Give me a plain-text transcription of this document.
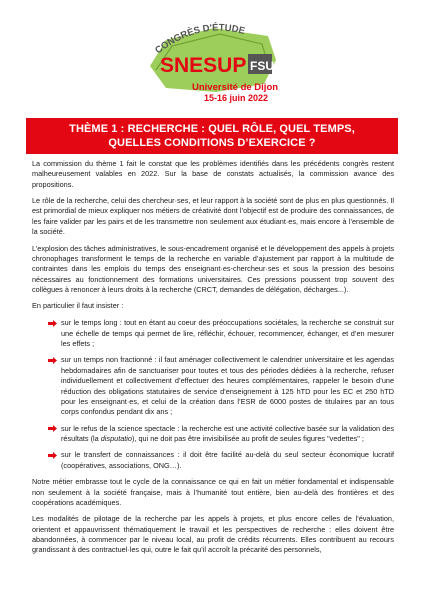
CONGRÈS D'ÉTUDE
SNESUP FSU
Université de Dijon
15-16 juin 2022
THÈME 1 : RECHERCHE : QUEL RÔLE, QUEL TEMPS,
QUELLES CONDITIONS D’EXERCICE ?

La commission du thème 1 fait le constat que les problèmes identifiés dans les précédents congrès restent malheureusement valables en 2022. Sur la base de constats actualisés, la commission avance des propositions.

Le rôle de la recherche, celui des chercheur·ses, et leur rapport à la société sont de plus en plus questionnés. Il est primordial de mieux expliquer nos métiers de créativité dont l’objectif est de produire des connaissances, de les faire valider par les pairs et de les transmettre non seulement aux étudiant·es, mais encore à l’ensemble de la société.

L’explosion des tâches administratives, le sous-encadrement organisé et le développement des appels à projets chronophages transforment le temps de la recherche en variable d’ajustement par rapport à la multitude de contraintes dans les emplois du temps des enseignant·es-chercheur·ses et sous la pression des besoins nécessaires au fonctionnement des formations universitaires. Ces pressions poussent trop souvent des collègues à renoncer à leurs droits à la recherche (CRCT, demandes de délégation, décharges...).

En particulier il faut insister :

sur le temps long : tout en étant au coeur des préoccupations sociétales, la recherche se construit sur une échelle de temps qui permet de lire, réfléchir, échouer, recommencer, échanger, et d’en mesurer les effets ;
sur un temps non fractionné : il faut aménager collectivement le calendrier universitaire et les agendas hebdomadaires afin de sanctuariser pour toutes et tous des périodes dédiées à la recherche, refuser individuellement et collectivement d’effectuer des heures complémentaires, rappeler le besoin d’une réduction des obligations statutaires de service d’enseignement à 125 hTD pour les EC et 250 hTD pour les enseignant·es, et celui de la création dans l’ESR de 6000 postes de titulaires par an tous corps confondus pendant dix ans ;
sur le refus de la science spectacle : la recherche est une activité collective basée sur la validation des résultats (la disputatio), qui ne doit pas être invisibilisée au profit de seules figures "vedettes" ;
sur le transfert de connaissances : il doit être facilité au-delà du seul secteur économique lucratif (coopératives, associations, ONG…).

Notre métier embrasse tout le cycle de la connaissance ce qui en fait un métier fondamental et indispensable non seulement à la société française, mais à l’humanité tout entière, bien au-delà des frontières et des coopérations académiques.

Les modalités de pilotage de la recherche par les appels à projets, et plus encore celles de l’évaluation, orientent et appauvrissent thématiquement le travail et les perspectives de recherche : elles doivent être abandonnées, à commencer par le niveau local, au profit de crédits récurrents. Elles contribuent au recours grandissant à des contractuel·les qui, outre le fait qu’il accroît la précarité des personnels,
